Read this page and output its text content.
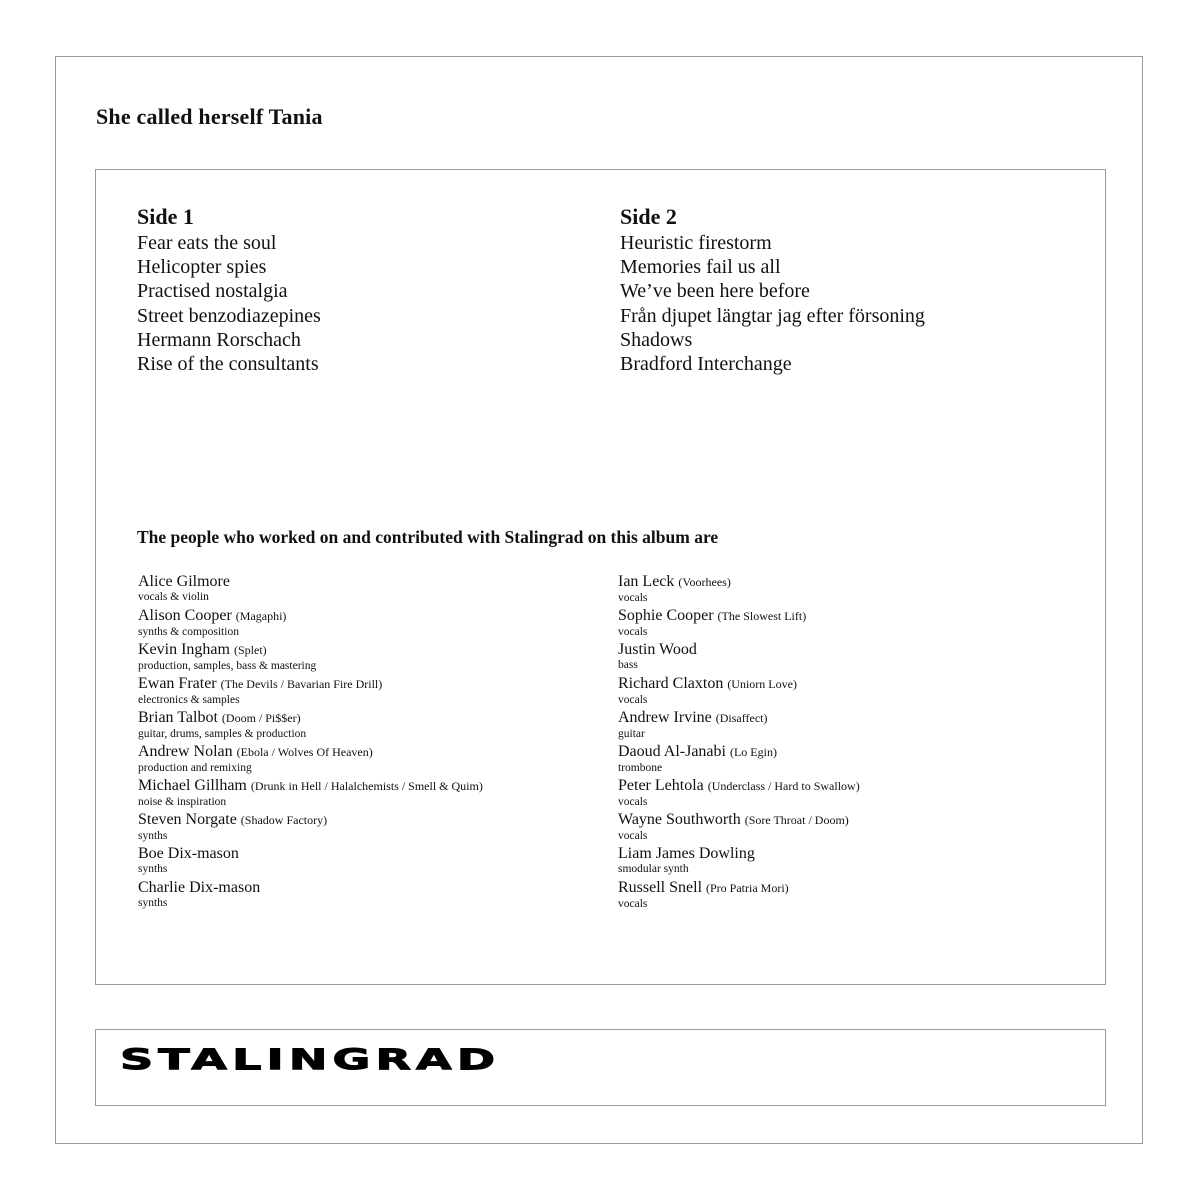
She called herself Tania
Side 1
Fear eats the soul
Helicopter spies
Practised nostalgia
Street benzodiazepines
Hermann Rorschach
Rise of the consultants
Side 2
Heuristic firestorm
Memories fail us all
We’ve been here before
Från djupet längtar jag efter försoning
Shadows
Bradford Interchange
The people who worked on and contributed with Stalingrad on this album are
Alice Gilmore
vocals & violin
Alison Cooper (Magaphi)
synths & composition
Kevin Ingham (Splet)
production, samples, bass & mastering
Ewan Frater (The Devils / Bavarian Fire Drill)
electronics & samples
Brian Talbot (Doom / Pi$$er)
guitar, drums, samples & production
Andrew Nolan (Ebola / Wolves Of Heaven)
production and remixing
Michael Gillham (Drunk in Hell / Halalchemists / Smell & Quim)
noise & inspiration
Steven Norgate (Shadow Factory)
synths
Boe Dix-mason
synths
Charlie Dix-mason
synths
Ian Leck (Voorhees)
vocals
Sophie Cooper (The Slowest Lift)
vocals
Justin Wood
bass
Richard Claxton (Uniorn Love)
vocals
Andrew Irvine (Disaffect)
guitar
Daoud Al-Janabi (Lo Egin)
trombone
Peter Lehtola (Underclass / Hard to Swallow)
vocals
Wayne Southworth (Sore Throat / Doom)
vocals
Liam James Dowling
smodular synth
Russell Snell (Pro Patria Mori)
vocals
STALINGRAD
